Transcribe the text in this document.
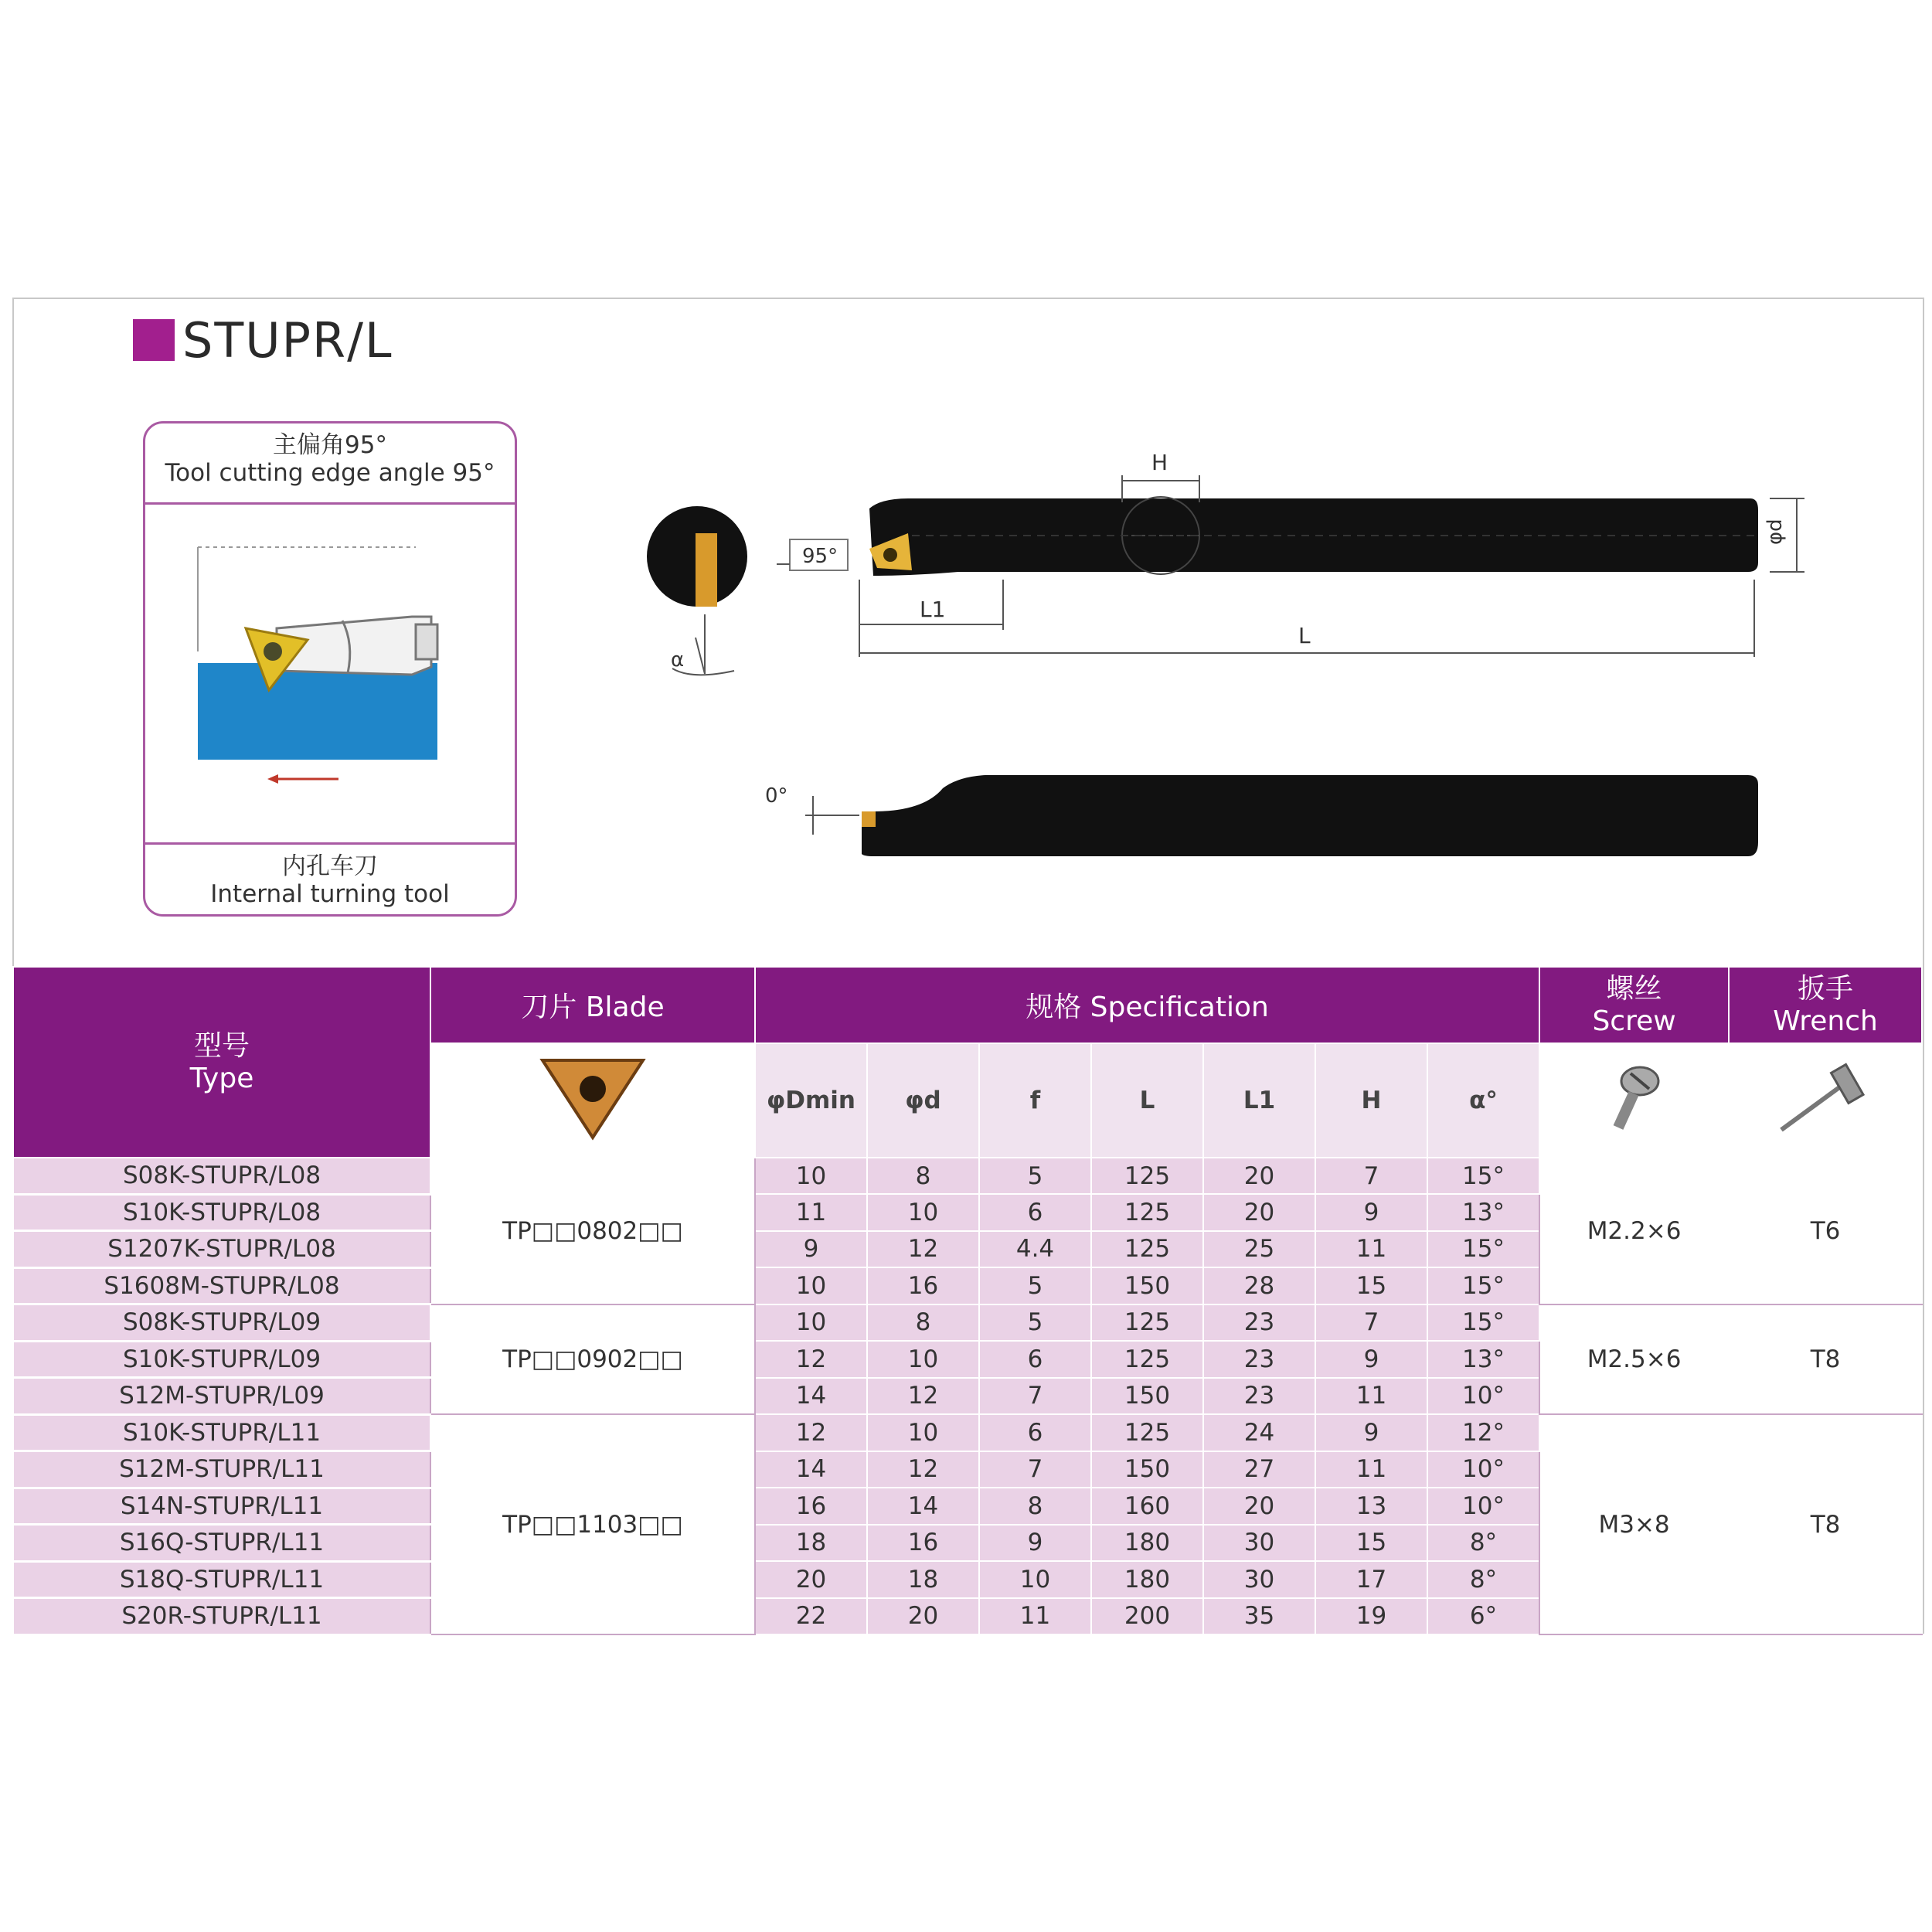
STUPR/L
主偏角95°
Tool cutting edge angle 95°
内孔车刀
Internal turning tool
α
H
φd
95°
L1
L
0°
型号
Type	刀片 Blade	规格 Specification							螺丝
Screw	扳手
Wrench

	φDmin	φd	f	L	L1	H	α°		
S08K-STUPR/L08	TP□□0802□□	10	8	5	125	20	7	15°	M2.2×6	T6
S10K-STUPR/L08		11	10	6	125	20	9	13°		
S1207K-STUPR/L08		9	12	4.4	125	25	11	15°		
S1608M-STUPR/L08		10	16	5	150	28	15	15°		
S08K-STUPR/L09	TP□□0902□□	10	8	5	125	23	7	15°	M2.5×6	T8
S10K-STUPR/L09		12	10	6	125	23	9	13°		
S12M-STUPR/L09		14	12	7	150	23	11	10°		
S10K-STUPR/L11	TP□□1103□□	12	10	6	125	24	9	12°	M3×8	T8
S12M-STUPR/L11		14	12	7	150	27	11	10°		
S14N-STUPR/L11		16	14	8	160	20	13	10°		
S16Q-STUPR/L11		18	16	9	180	30	15	8°		
S18Q-STUPR/L11		20	18	10	180	30	17	8°		
S20R-STUPR/L11		22	20	11	200	35	19	6°		
